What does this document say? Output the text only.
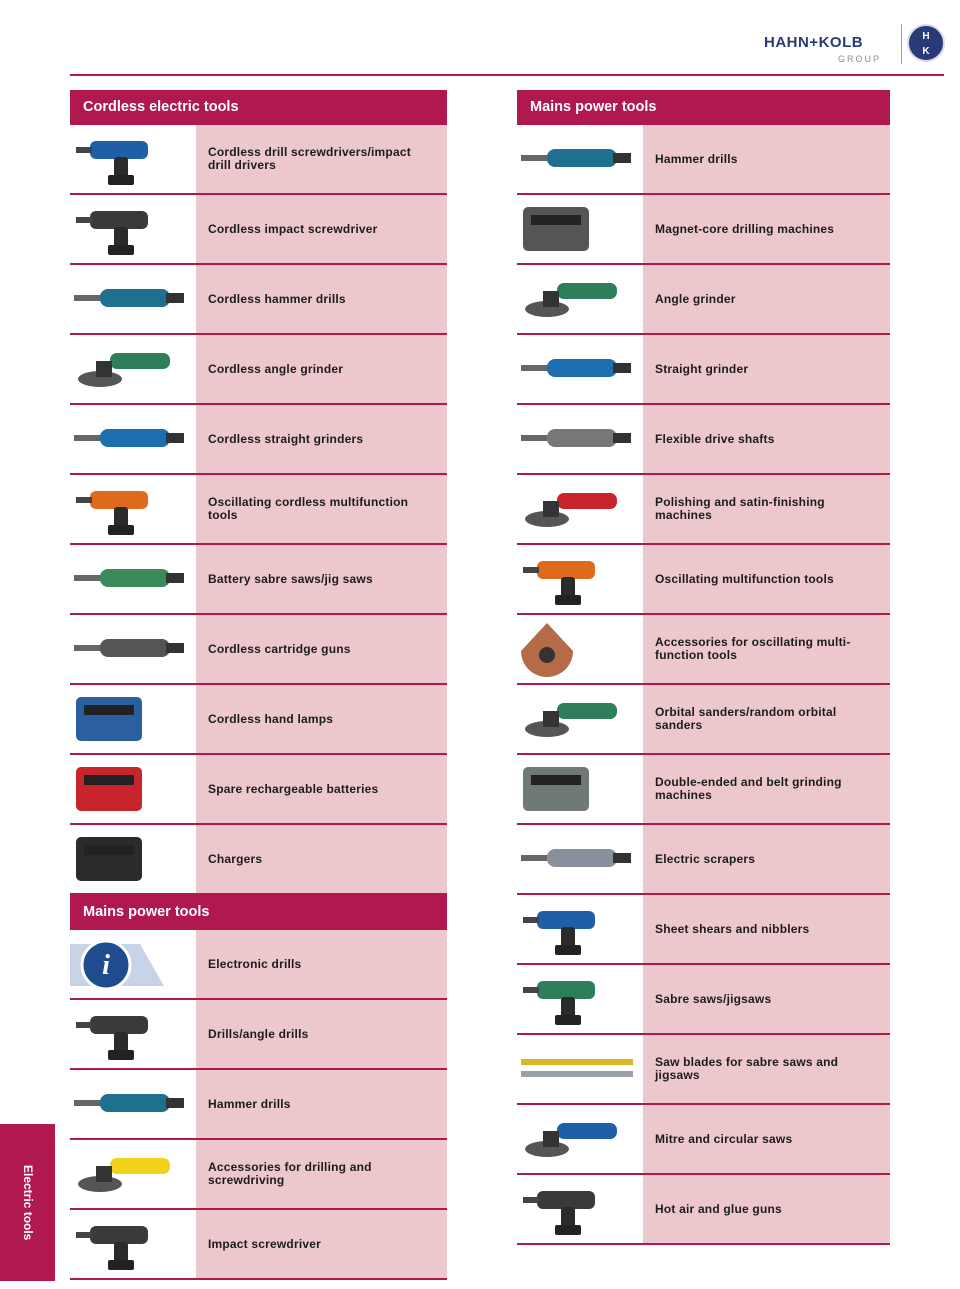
HAHN+KOLB
GROUP
H
K
Cordless electric tools
Cordless drill screwdrivers/impact drill drivers
Cordless impact screwdriver
Cordless hammer drills
Cordless angle grinder
Cordless straight grinders
Oscillating cordless multifunction tools
Battery sabre saws/jig saws
Cordless cartridge guns
Cordless hand lamps
Spare rechargeable batteries
Chargers
Mains power tools
i	Electronic drills
Drills/angle drills
Hammer drills
Accessories for drilling and screwdriving
Impact screwdriver
Mains power tools
Hammer drills
Magnet-core drilling machines
Angle grinder
Straight grinder
Flexible drive shafts
Polishing and satin-finishing machines
Oscillating multifunction tools
Accessories for oscillating multi-function tools
Orbital sanders/random orbital sanders
Double-ended and belt grinding machines
Electric scrapers
Sheet shears and nibblers
Sabre saws/jigsaws
Saw blades for sabre saws and jigsaws
Mitre and circular saws
Hot air and glue guns
Electric tools
